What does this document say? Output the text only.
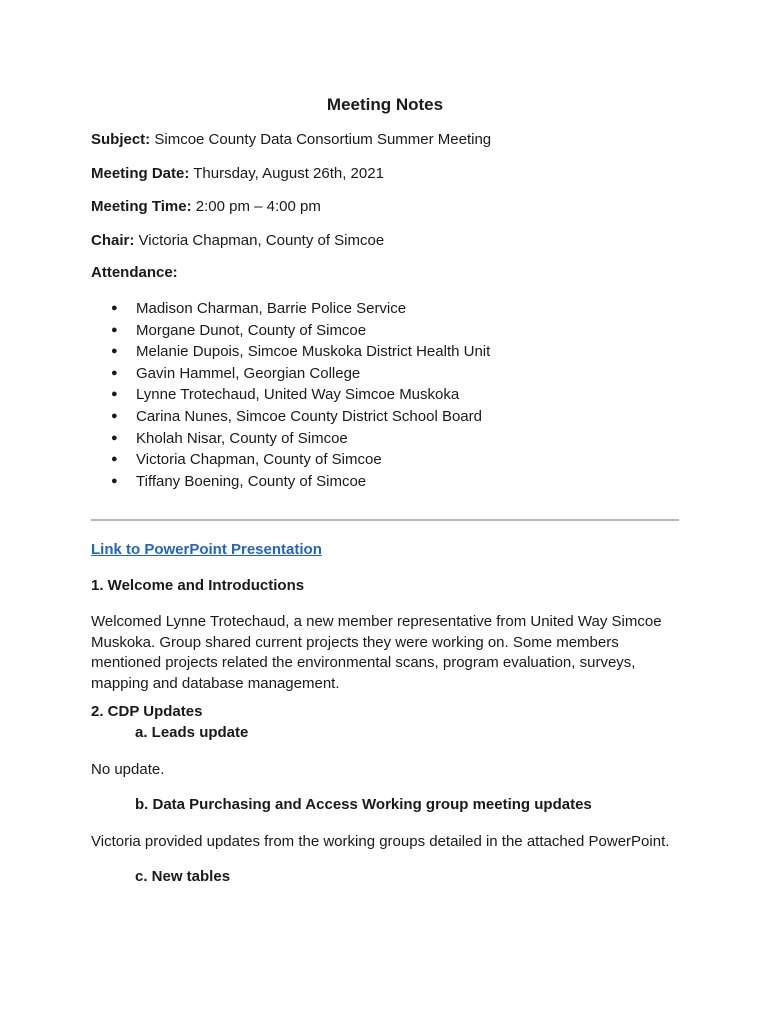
Meeting Notes
Subject: Simcoe County Data Consortium Summer Meeting
Meeting Date: Thursday, August 26th, 2021
Meeting Time: 2:00 pm – 4:00 pm
Chair: Victoria Chapman, County of Simcoe
Attendance:
● Madison Charman, Barrie Police Service
● Morgane Dunot, County of Simcoe
● Melanie Dupois, Simcoe Muskoka District Health Unit
● Gavin Hammel, Georgian College
● Lynne Trotechaud, United Way Simcoe Muskoka
● Carina Nunes, Simcoe County District School Board
● Kholah Nisar, County of Simcoe
● Victoria Chapman, County of Simcoe
● Tiffany Boening, County of Simcoe
Link to PowerPoint Presentation
1. Welcome and Introductions
Welcomed Lynne Trotechaud, a new member representative from United Way Simcoe Muskoka. Group shared current projects they were working on. Some members mentioned projects related the environmental scans, program evaluation, surveys, mapping and database management.
2. CDP Updates
a. Leads update
No update.
b. Data Purchasing and Access Working group meeting updates
Victoria provided updates from the working groups detailed in the attached PowerPoint.
c. New tables
